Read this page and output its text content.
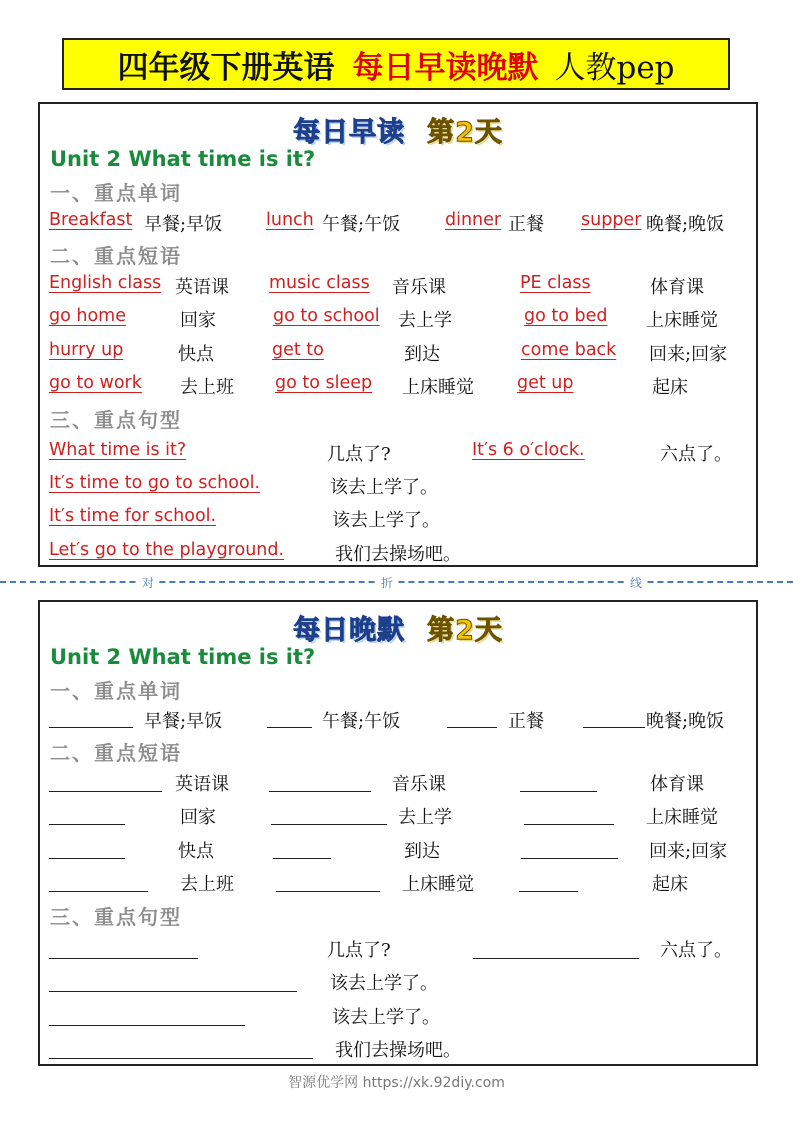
四年级下册英语 每日早读晚默 人教pep
每日早读 第2天
Unit 2 What time is it?
一、重点单词
Breakfast 早餐;早饭	lunch 午餐;午饭	dinner 正餐 supper 晚餐;晚饭
二、重点短语
English class 英语课 music class 音乐课	PE class	体育课
go home	回家	go to school 去上学	go to bed 上床睡觉
hurry up	快点	get to	到达	come back 回来;回家
go to work 去上班 go to sleep 上床睡觉 get up	起床
三、重点句型
What time is it?	几点了?	It′s 6 o′clock.	六点了。
It′s time to go to school.	该去上学了。
It′s time for school.	该去上学了。
Let′s go to the playground.	我们去操场吧。
对	折	线
每日晚默 第2天
Unit 2 What time is it?
一、重点单词
早餐;早饭	午餐;午饭	正餐	晚餐;晚饭
二、重点短语
英语课	音乐课	体育课
回家	去上学	上床睡觉
快点	到达	回来;回家
去上班	上床睡觉	起床
三、重点句型
几点了?	六点了。
该去上学了。
该去上学了。
我们去操场吧。
智源优学网 https://xk.92diy.com
